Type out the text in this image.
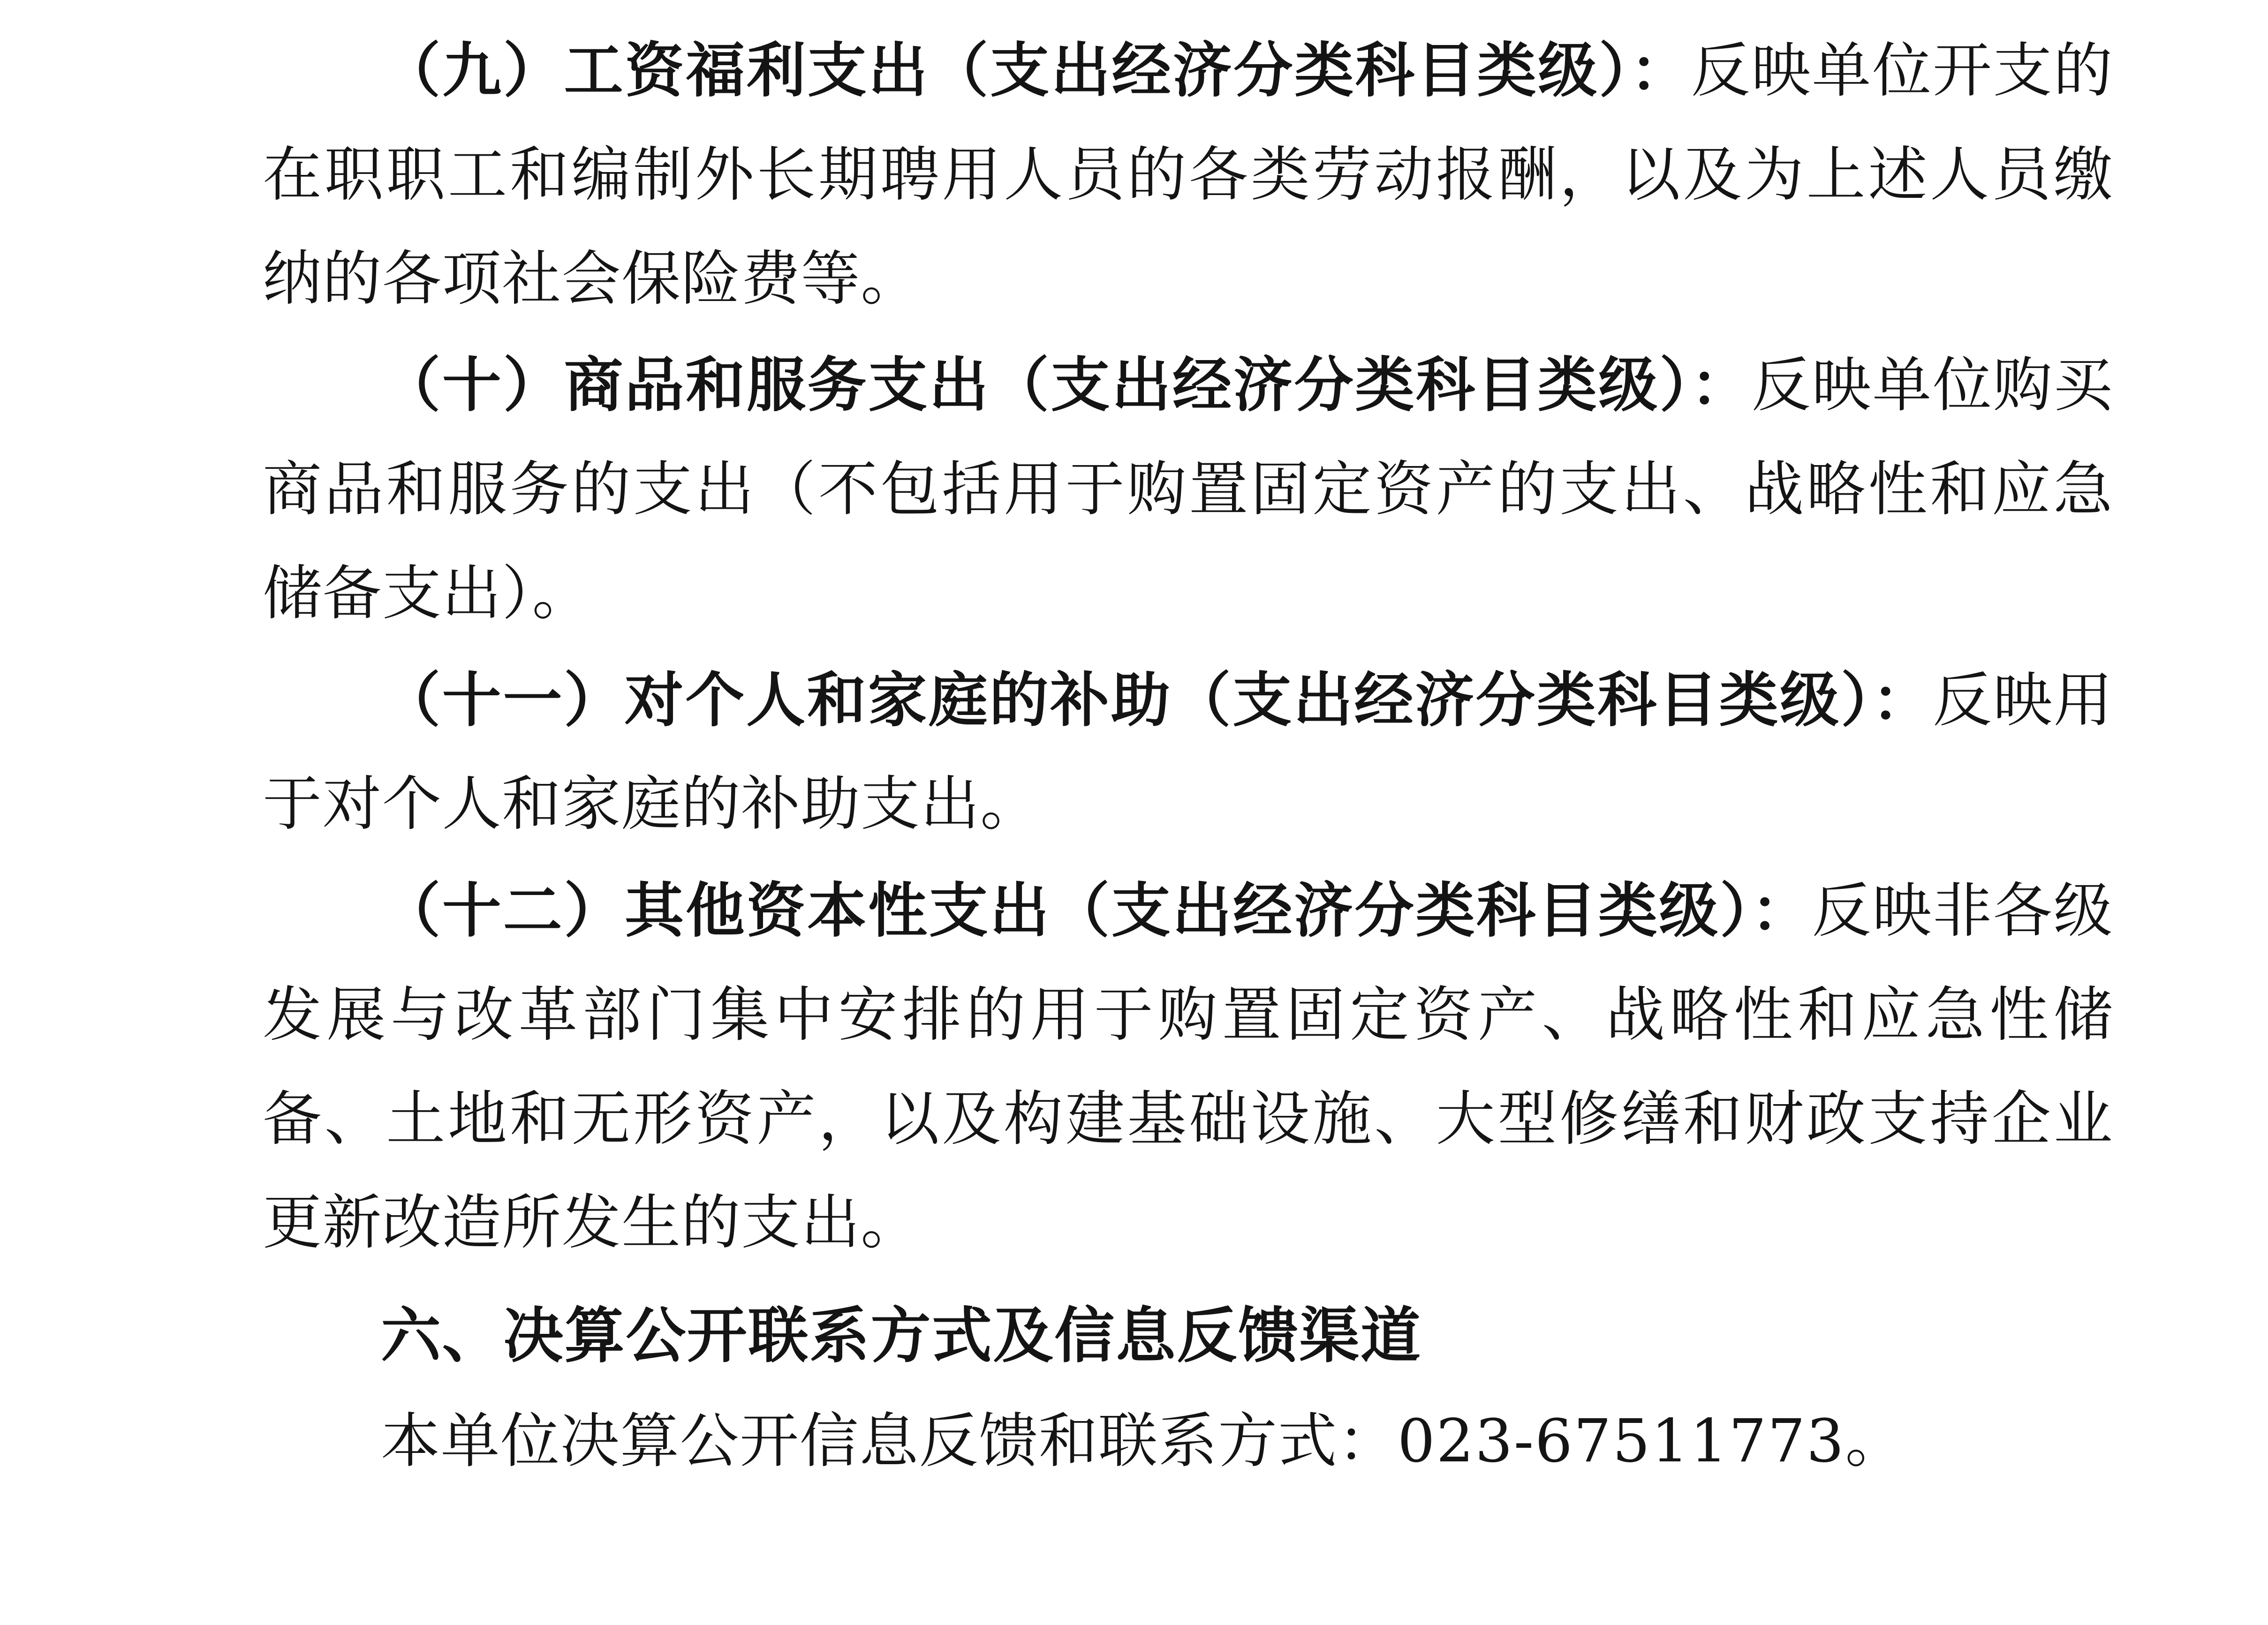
（九）工资福利支出（支出经济分类科目类级）：反映单位开支的在职职工和编制外长期聘用人员的各类劳动报酬，以及为上述人员缴纳的各项社会保险费等。

（十）商品和服务支出（支出经济分类科目类级）：反映单位购买商品和服务的支出（不包括用于购置固定资产的支出、战略性和应急储备支出）。

（十一）对个人和家庭的补助（支出经济分类科目类级）：反映用于对个人和家庭的补助支出。

（十二）其他资本性支出（支出经济分类科目类级）：反映非各级发展与改革部门集中安排的用于购置固定资产、战略性和应急性储备、土地和无形资产，以及构建基础设施、大型修缮和财政支持企业更新改造所发生的支出。

六、决算公开联系方式及信息反馈渠道

本单位决算公开信息反馈和联系方式：023-67511773。
